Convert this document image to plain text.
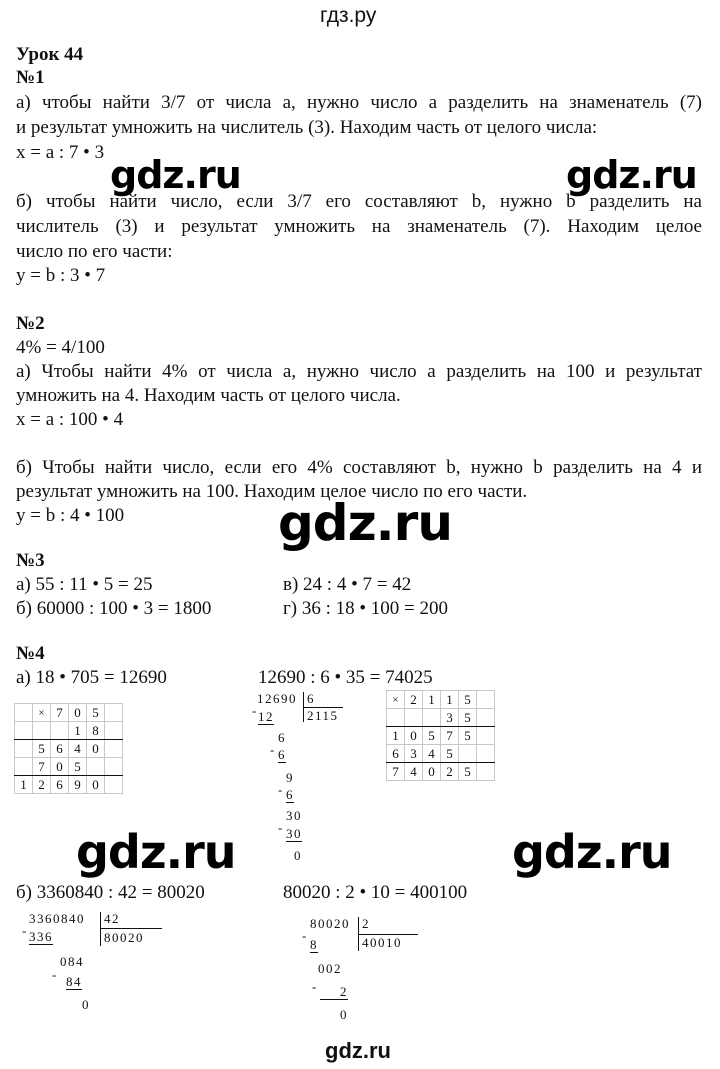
гдз.ру
Урок 44
№1
а) чтобы найти 3/7 от числа a, нужно число a разделить на знаменатель (7)
и результат умножить на числитель (3). Находим часть от целого числа:
x = a : 7 • 3
gdz.ru	gdz.ru
б) чтобы найти число, если 3/7 его составляют b, нужно b разделить на
числитель (3) и результат умножить на знаменатель (7). Находим целое
число по его части:
y = b : 3 • 7
№2
4% = 4/100
а) Чтобы найти 4% от числа a, нужно число a разделить на 100 и результат
умножить на 4. Находим часть от целого числа.
x = a : 100 • 4
б) Чтобы найти число, если его 4% составляют b, нужно b разделить на 4 и
результат умножить на 100. Находим целое число по его части.
y = b : 4 • 100	gdz.ru
№3
а) 55 : 11 • 5 = 25	в) 24 : 4 • 7 = 42
б) 60000 : 100 • 3 = 1800	г) 36 : 18 • 100 = 200
№4
а) 18 • 705 = 12690	12690 : 6 • 35 = 74025
	×	7	0	5	
			1	8	
	5	6	4	0	
	7	0	5		
1	2	6	9	0	
12690 6
2115
- 12
6
- 6
9
- 6
30
- 30
0
×	2	1	1	5	
			3	5	
1	0	5	7	5	
6	3	4	5		
7	4	0	2	5	
gdz.ru	gdz.ru
б) 3360840 : 42 = 80020	80020 : 2 • 10 = 400100
3360840 42
80020
- 336
084
- 84
0
80020 2
40010
-
8
002
-	2
0
gdz.ru
